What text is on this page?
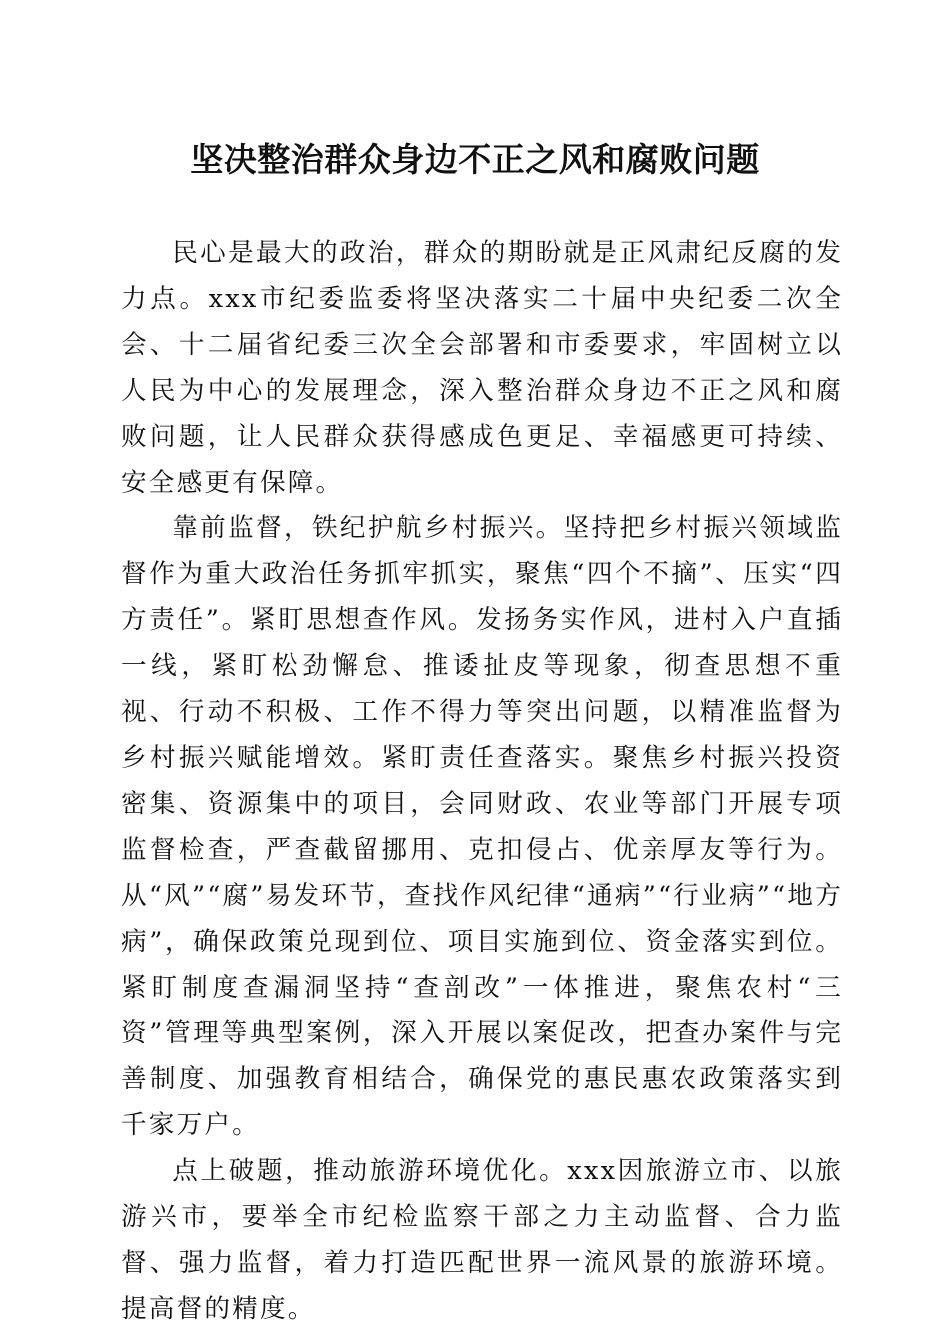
坚决整治群众身边不正之风和腐败问题

民心是最大的政治，群众的期盼就是正风肃纪反腐的发力点。xxx市纪委监委将坚决落实二十届中央纪委二次全会、十二届省纪委三次全会部署和市委要求，牢固树立以人民为中心的发展理念，深入整治群众身边不正之风和腐败问题，让人民群众获得感成色更足、幸福感更可持续、安全感更有保障。

靠前监督，铁纪护航乡村振兴。坚持把乡村振兴领域监督作为重大政治任务抓牢抓实，聚焦“四个不摘”、压实“四方责任”。紧盯思想查作风。发扬务实作风，进村入户直插一线，紧盯松劲懈怠、推诿扯皮等现象，彻查思想不重视、行动不积极、工作不得力等突出问题，以精准监督为乡村振兴赋能增效。紧盯责任查落实。聚焦乡村振兴投资密集、资源集中的项目，会同财政、农业等部门开展专项监督检查，严查截留挪用、克扣侵占、优亲厚友等行为。从“风”“腐”易发环节，查找作风纪律“通病”“行业病”“地方病”，确保政策兑现到位、项目实施到位、资金落实到位。紧盯制度查漏洞坚持“查剖改”一体推进，聚焦农村“三资”管理等典型案例，深入开展以案促改，把查办案件与完善制度、加强教育相结合，确保党的惠民惠农政策落实到千家万户。

点上破题，推动旅游环境优化。xxx因旅游立市、以旅游兴市，要举全市纪检监察干部之力主动监督、合力监督、强力监督，着力打造匹配世界一流风景的旅游环境。提高督的精度。
